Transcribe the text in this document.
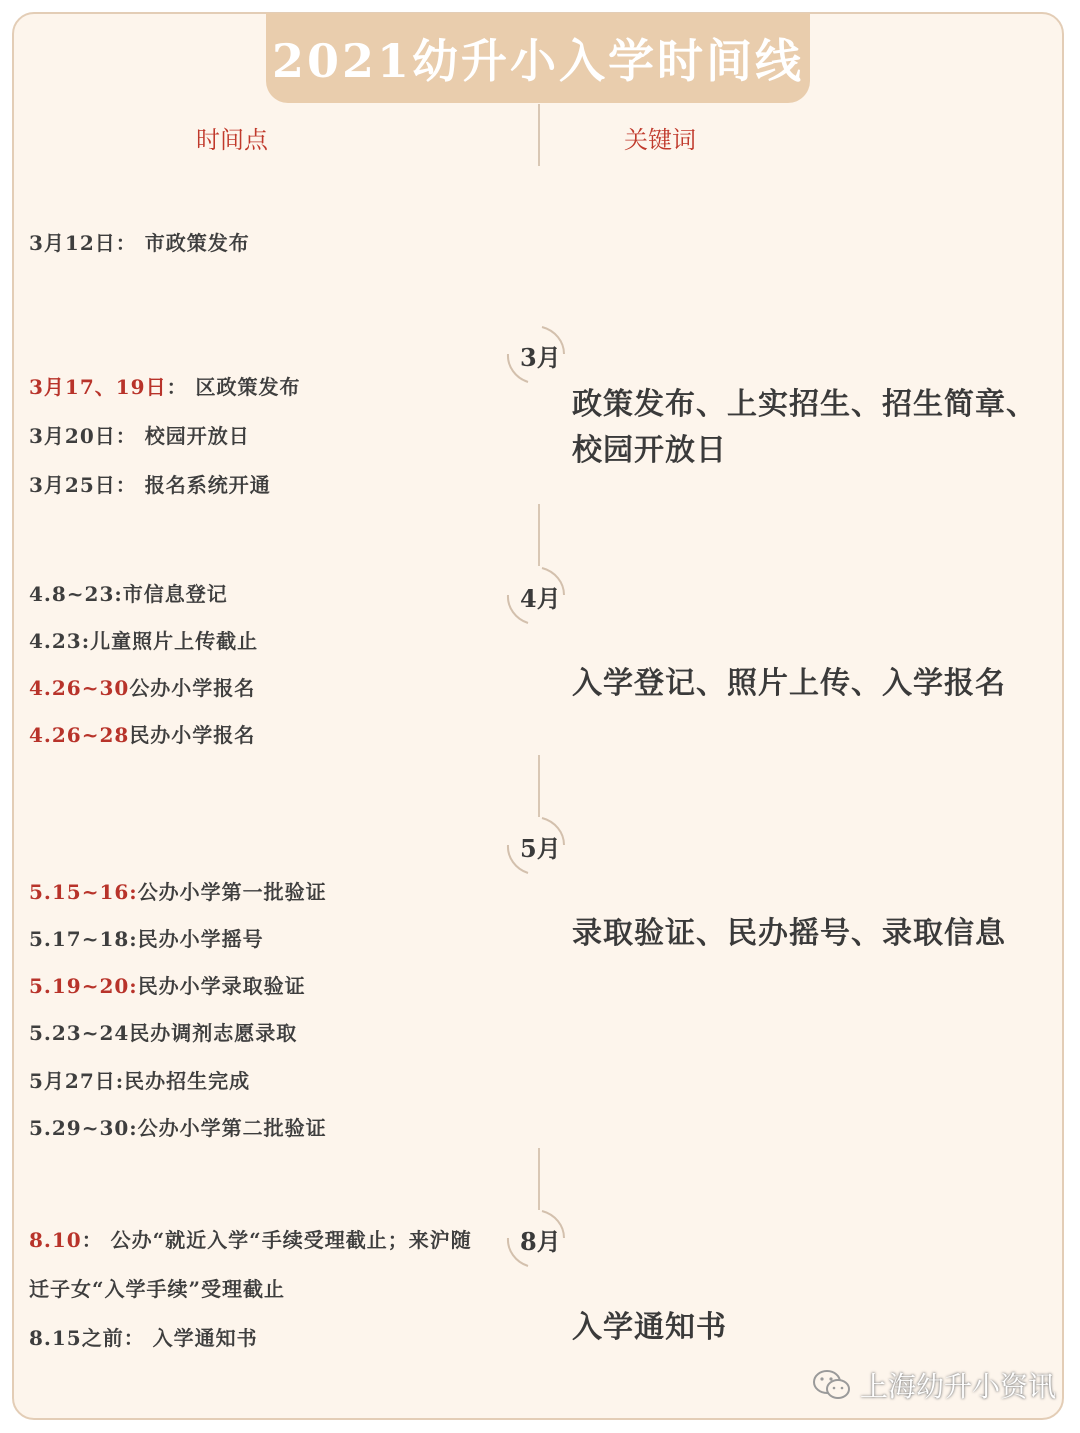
2021幼升小入学时间线
时间点	关键词
3月12日： 市政策发布
3月17、19日： 区政策发布
3月20日： 校园开放日
3月25日： 报名系统开通
4.8~23:市信息登记
4.23:儿童照片上传截止
4.26~30公办小学报名
4.26~28民办小学报名
5.15~16:公办小学第一批验证
5.17~18:民办小学摇号
5.19~20:民办小学录取验证
5.23~24民办调剂志愿录取
5月27日:民办招生完成
5.29~30:公办小学第二批验证
8.10： 公办“就近入学“手续受理截止；来沪随
迁子女“入学手续”受理截止
8.15之前： 入学通知书
3月
4月
5月
8月
政策发布、上实招生、招生简章、
校园开放日
入学登记、照片上传、入学报名
录取验证、民办摇号、录取信息
入学通知书
上海幼升小资讯
